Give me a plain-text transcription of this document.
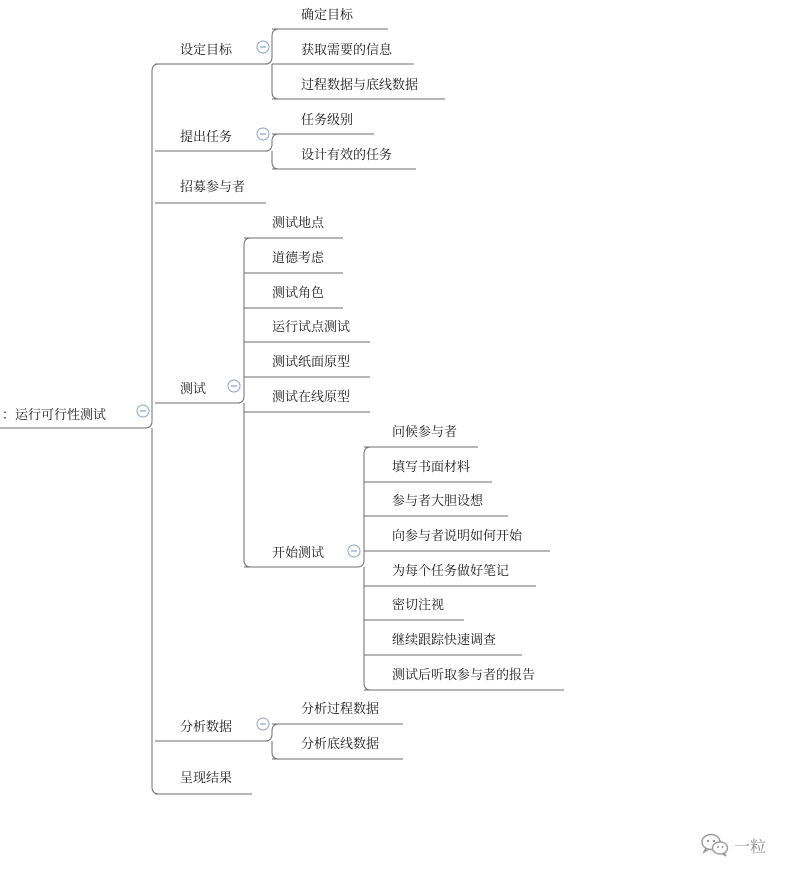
：运行可行性测试
设定目标
确定目标
获取需要的信息
过程数据与底线数据
提出任务
任务级别
设计有效的任务
招募参与者
测试
测试地点
道德考虑
测试角色
运行试点测试
测试纸面原型
测试在线原型
开始测试
问候参与者
填写书面材料
参与者大胆设想
向参与者说明如何开始
为每个任务做好笔记
密切注视
继续跟踪快速调查
测试后听取参与者的报告
分析数据
分析过程数据
分析底线数据
呈现结果
一粒
